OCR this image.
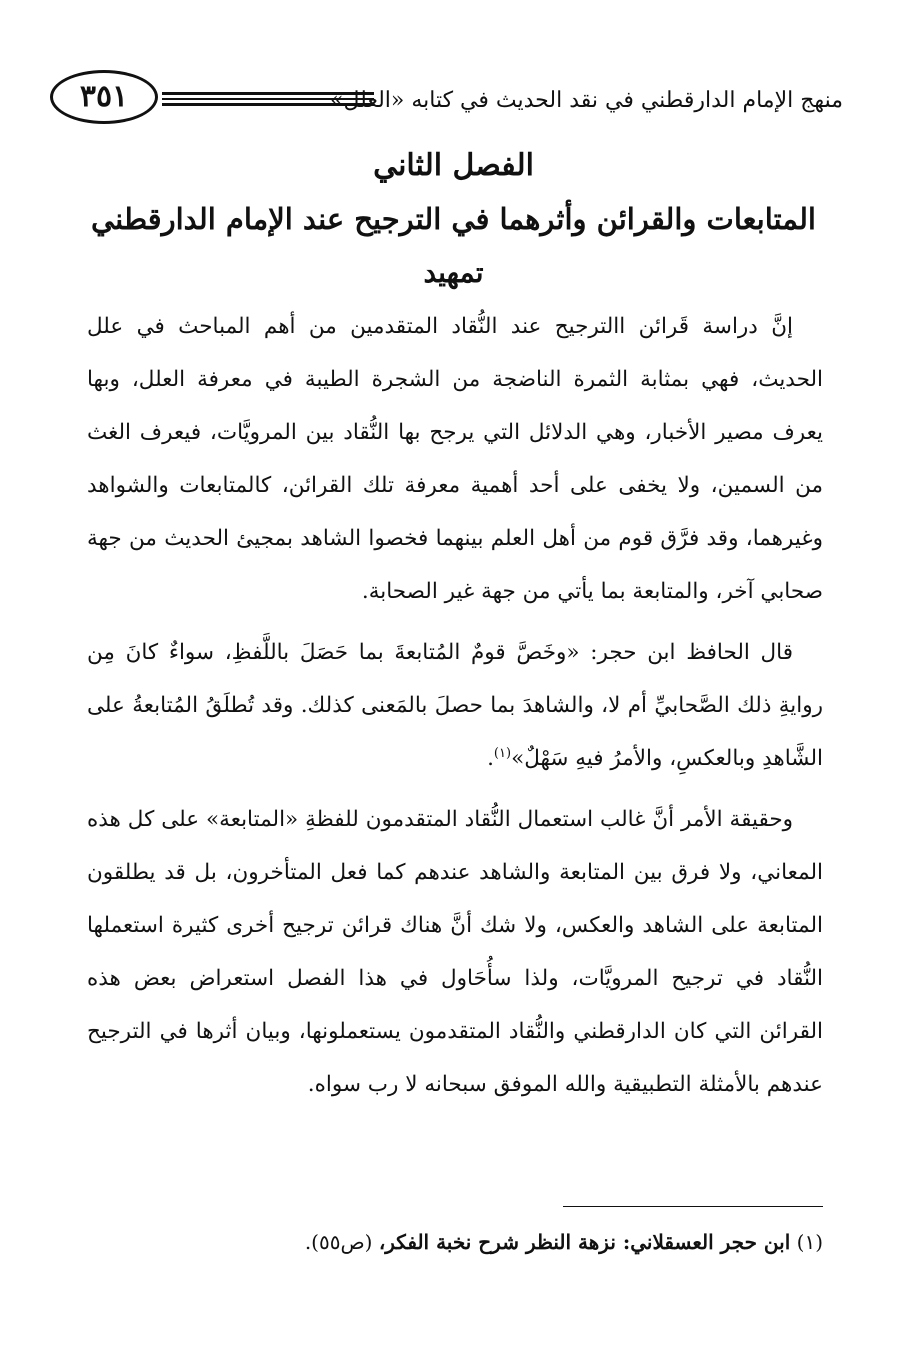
٣٥١	منهج الإمام الدارقطني في نقد الحديث في كتابه «العلل»
الفصل الثاني
المتابعات والقرائن وأثرهما في الترجيح عند الإمام الدارقطني
تمهيد

إنَّ دراسة قَرائن االترجيح عند النُّقاد المتقدمين من أهم المباحث في علل الحديث، فهي بمثابة الثمرة الناضجة من الشجرة الطيبة في معرفة العلل، وبها يعرف مصير الأخبار، وهي الدلائل التي يرجح بها النُّقاد بين المرويَّات، فيعرف الغث من السمين، ولا يخفى على أحد أهمية معرفة تلك القرائن، كالمتابعات والشواهد وغيرهما، وقد فرَّق قوم من أهل العلم بينهما فخصوا الشاهد بمجيئ الحديث من جهة صحابي آخر، والمتابعة بما يأتي من جهة غير الصحابة.

قال الحافظ ابن حجر: «وخَصَّ قومٌ المُتابعةَ بما حَصَلَ باللَّفظِ، سواءٌ كانَ مِن روايةِ ذلك الصَّحابيِّ أم لا، والشاهدَ بما حصلَ بالمَعنى كذلك. وقد تُطلَقُ المُتابعةُ على الشَّاهدِ وبالعكسِ، والأمرُ فيهِ سَهْلٌ»$^{(١)}$.

وحقيقة الأمر أنَّ غالب استعمال النُّقاد المتقدمون للفظةِ «المتابعة» على كل هذه المعاني، ولا فرق بين المتابعة والشاهد عندهم كما فعل المتأخرون، بل قد يطلقون المتابعة على الشاهد والعكس، ولا شك أنَّ هناك قرائن ترجيح أخرى كثيرة استعملها النُّقاد في ترجيح المرويَّات، ولذا سأُحَاول في هذا الفصل استعراض بعض هذه القرائن التي كان الدارقطني والنُّقاد المتقدمون يستعملونها، وبيان أثرها في الترجيح عندهم بالأمثلة التطبيقية والله الموفق سبحانه لا رب سواه.

(١) ابن حجر العسقلاني: نزهة النظر شرح نخبة الفكر، (ص٥٥).
